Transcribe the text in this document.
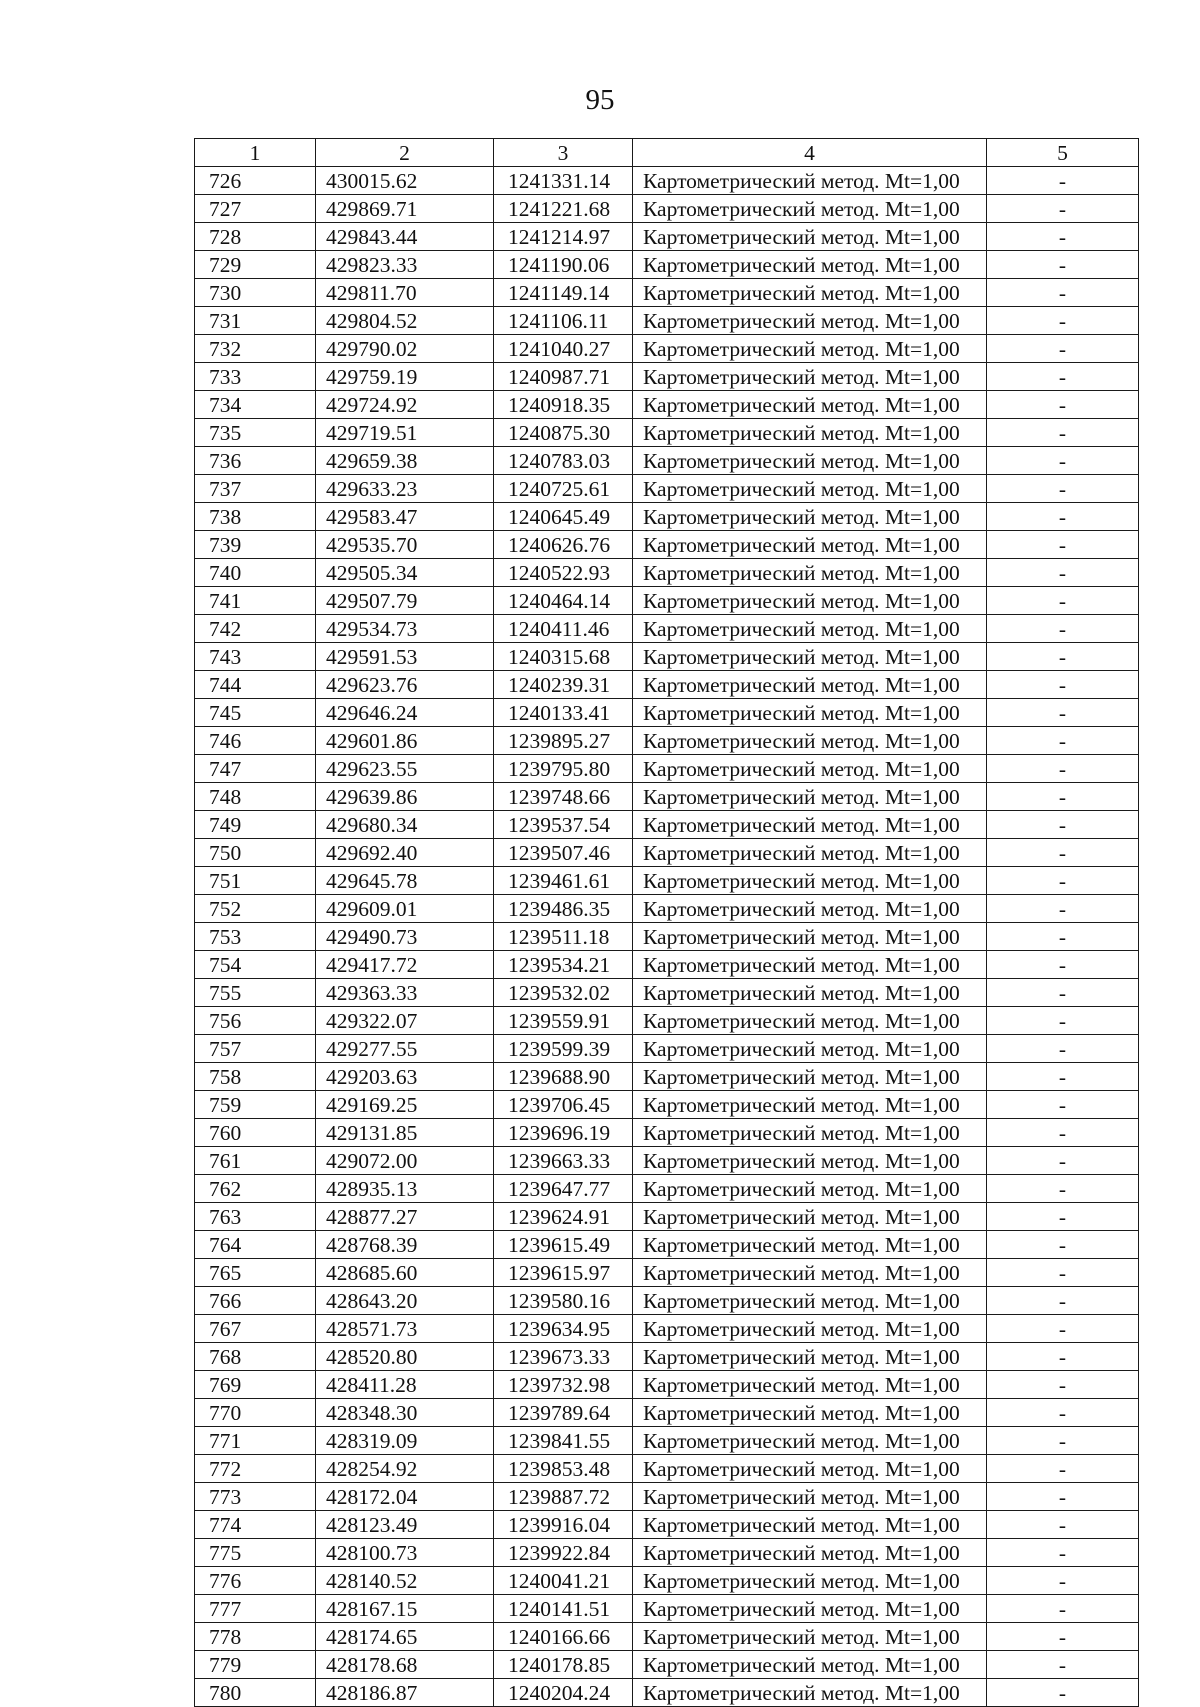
95
1	2	3	4	5
726	430015.62	1241331.14	Картометрический метод. Mt=1,00	-
727	429869.71	1241221.68	Картометрический метод. Mt=1,00	-
728	429843.44	1241214.97	Картометрический метод. Mt=1,00	-
729	429823.33	1241190.06	Картометрический метод. Mt=1,00	-
730	429811.70	1241149.14	Картометрический метод. Mt=1,00	-
731	429804.52	1241106.11	Картометрический метод. Mt=1,00	-
732	429790.02	1241040.27	Картометрический метод. Mt=1,00	-
733	429759.19	1240987.71	Картометрический метод. Mt=1,00	-
734	429724.92	1240918.35	Картометрический метод. Mt=1,00	-
735	429719.51	1240875.30	Картометрический метод. Mt=1,00	-
736	429659.38	1240783.03	Картометрический метод. Mt=1,00	-
737	429633.23	1240725.61	Картометрический метод. Mt=1,00	-
738	429583.47	1240645.49	Картометрический метод. Mt=1,00	-
739	429535.70	1240626.76	Картометрический метод. Mt=1,00	-
740	429505.34	1240522.93	Картометрический метод. Mt=1,00	-
741	429507.79	1240464.14	Картометрический метод. Mt=1,00	-
742	429534.73	1240411.46	Картометрический метод. Mt=1,00	-
743	429591.53	1240315.68	Картометрический метод. Mt=1,00	-
744	429623.76	1240239.31	Картометрический метод. Mt=1,00	-
745	429646.24	1240133.41	Картометрический метод. Mt=1,00	-
746	429601.86	1239895.27	Картометрический метод. Mt=1,00	-
747	429623.55	1239795.80	Картометрический метод. Mt=1,00	-
748	429639.86	1239748.66	Картометрический метод. Mt=1,00	-
749	429680.34	1239537.54	Картометрический метод. Mt=1,00	-
750	429692.40	1239507.46	Картометрический метод. Mt=1,00	-
751	429645.78	1239461.61	Картометрический метод. Mt=1,00	-
752	429609.01	1239486.35	Картометрический метод. Mt=1,00	-
753	429490.73	1239511.18	Картометрический метод. Mt=1,00	-
754	429417.72	1239534.21	Картометрический метод. Mt=1,00	-
755	429363.33	1239532.02	Картометрический метод. Mt=1,00	-
756	429322.07	1239559.91	Картометрический метод. Mt=1,00	-
757	429277.55	1239599.39	Картометрический метод. Mt=1,00	-
758	429203.63	1239688.90	Картометрический метод. Mt=1,00	-
759	429169.25	1239706.45	Картометрический метод. Mt=1,00	-
760	429131.85	1239696.19	Картометрический метод. Mt=1,00	-
761	429072.00	1239663.33	Картометрический метод. Mt=1,00	-
762	428935.13	1239647.77	Картометрический метод. Mt=1,00	-
763	428877.27	1239624.91	Картометрический метод. Mt=1,00	-
764	428768.39	1239615.49	Картометрический метод. Mt=1,00	-
765	428685.60	1239615.97	Картометрический метод. Mt=1,00	-
766	428643.20	1239580.16	Картометрический метод. Mt=1,00	-
767	428571.73	1239634.95	Картометрический метод. Mt=1,00	-
768	428520.80	1239673.33	Картометрический метод. Mt=1,00	-
769	428411.28	1239732.98	Картометрический метод. Mt=1,00	-
770	428348.30	1239789.64	Картометрический метод. Mt=1,00	-
771	428319.09	1239841.55	Картометрический метод. Mt=1,00	-
772	428254.92	1239853.48	Картометрический метод. Mt=1,00	-
773	428172.04	1239887.72	Картометрический метод. Mt=1,00	-
774	428123.49	1239916.04	Картометрический метод. Mt=1,00	-
775	428100.73	1239922.84	Картометрический метод. Mt=1,00	-
776	428140.52	1240041.21	Картометрический метод. Mt=1,00	-
777	428167.15	1240141.51	Картометрический метод. Mt=1,00	-
778	428174.65	1240166.66	Картометрический метод. Mt=1,00	-
779	428178.68	1240178.85	Картометрический метод. Mt=1,00	-
780	428186.87	1240204.24	Картометрический метод. Mt=1,00	-
